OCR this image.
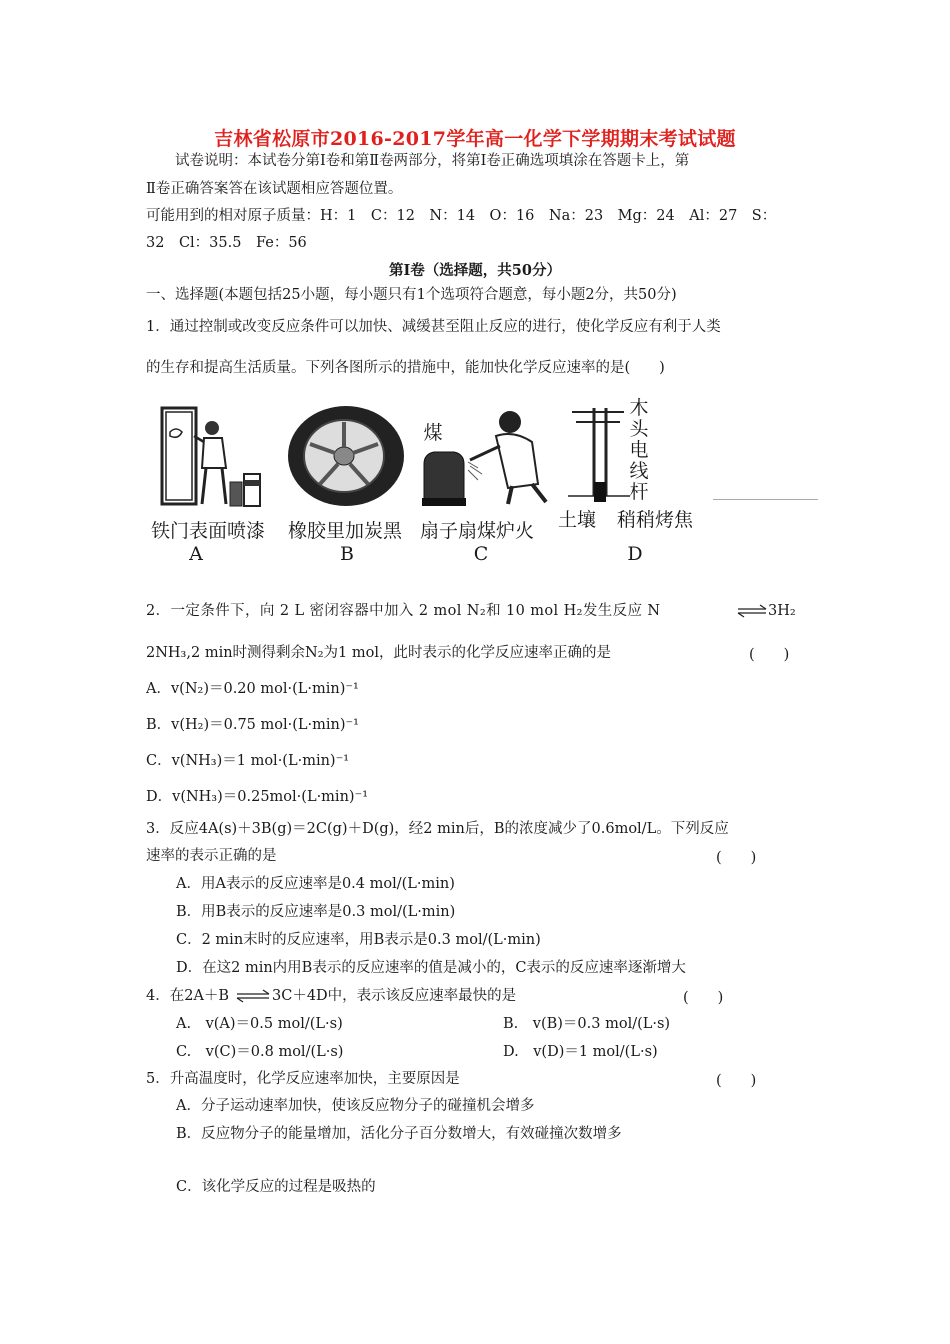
吉林省松原市2016-2017学年高一化学下学期期末考试试题
试卷说明：本试卷分第Ⅰ卷和第Ⅱ卷两部分，将第Ⅰ卷正确选项填涂在答题卡上，第
Ⅱ卷正确答案答在该试题相应答题位置。
可能用到的相对原子质量：H：1　C：12　N：14　O：16　Na：23　Mg：24　Al：27　S：
32　Cl：35.5　Fe：56
第Ⅰ卷（选择题，共50分）
一、选择题(本题包括25小题，每小题只有1个选项符合题意，每小题2分，共50分)
1．通过控制或改变反应条件可以加快、减缓甚至阻止反应的进行，使化学反应有利于人类
的生存和提高生活质量。下列各图所示的措施中，能加快化学反应速率的是(　　)
煤
木
头
电
线
杆
铁门表面喷漆 橡胶里加炭黑 扇子扇煤炉火 土壤	稍稍烤焦
A	B	C	D
2．一定条件下，向 2 L 密闭容器中加入 2 mol N₂和 10 mol H₂发生反应 N	⇌ 3H₂
2NH₃,2 min时测得剩余N₂为1 mol，此时表示的化学反应速率正确的是	(　　)
A．v(N₂)＝0.20 mol·(L·min)⁻¹
B．v(H₂)＝0.75 mol·(L·min)⁻¹
C．v(NH₃)＝1 mol·(L·min)⁻¹
D．v(NH₃)＝0.25mol·(L·min)⁻¹
3．反应4A(s)＋3B(g)＝2C(g)＋D(g)，经2 min后，B的浓度减少了0.6mol/L。下列反应
速率的表示正确的是	(　　)
A．用A表示的反应速率是0.4 mol/(L·min)
B．用B表示的反应速率是0.3 mol/(L·min)
C．2 min末时的反应速率，用B表示是0.3 mol/(L·min)
D．在这2 min内用B表示的反应速率的值是减小的，C表示的反应速率逐渐增大
4．在2A＋B ⇌ 3C＋4D中，表示该反应速率最快的是	(　　)
A.　v(A)＝0.5 mol/(L·s)	B.　v(B)＝0.3 mol/(L·s)
C.　v(C)＝0.8 mol/(L·s)	D.　v(D)＝1 mol/(L·s)
5．升高温度时，化学反应速率加快，主要原因是	(　　)
A．分子运动速率加快，使该反应物分子的碰撞机会增多
B．反应物分子的能量增加，活化分子百分数增大，有效碰撞次数增多
C．该化学反应的过程是吸热的
